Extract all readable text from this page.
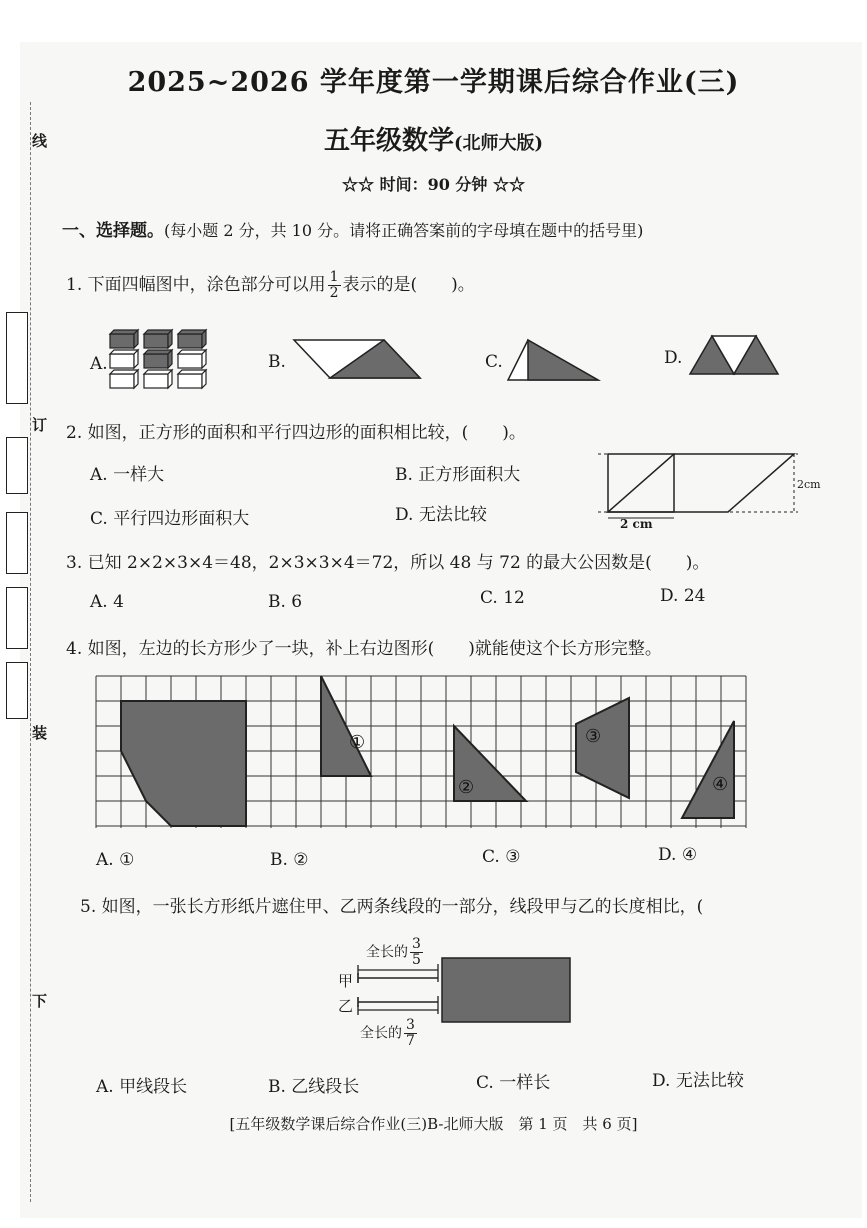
线
订
装
下
2025~2026 学年度第一学期课后综合作业(三)
五年级数学(北师大版)
☆☆ 时间：90 分钟 ☆☆
一、选择题。(每小题 2 分，共 10 分。请将正确答案前的字母填在题中的括号里)
1. 下面四幅图中，涂色部分可以用 $\frac{1}{2}$ 表示的是(　　)。
A.	B.	C.	D.
2. 如图，正方形的面积和平行四边形的面积相比较，(　　)。
A. 一样大	B. 正方形面积大
C. 平行四边形面积大	D. 无法比较	2 cm
2cm
3. 已知 2×2×3×4＝48，2×3×3×4＝72，所以 48 与 72 的最大公因数是(　　)。
A. 4	B. 6	C. 12	D. 24
4. 如图，左边的长方形少了一块，补上右边图形(　　)就能使这个长方形完整。
①
②
③
④
A. ①	B. ②	C. ③	D. ④
5. 如图，一张长方形纸片遮住甲、乙两条线段的一部分，线段甲与乙的长度相比，(
甲
乙
全长的 $\frac{3}{5}$
全长的 $\frac{3}{7}$
A. 甲线段长	B. 乙线段长	C. 一样长	D. 无法比较
[五年级数学课后综合作业(三)B-北师大版　第 1 页　共 6 页]
